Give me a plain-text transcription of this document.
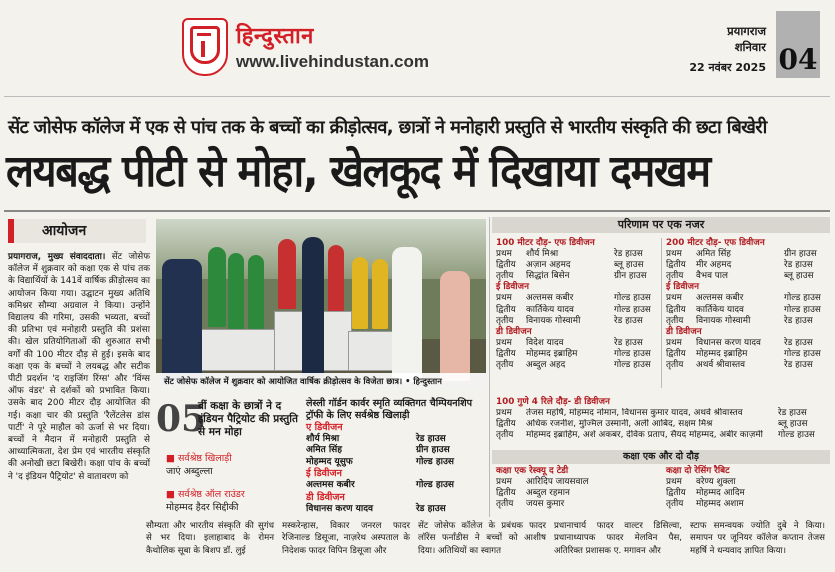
हिन्दुस्तान
www.livehindustan.com
प्रयागराज
शनिवार
22 नवंबर 2025 04
सेंट जोसेफ कॉलेज में एक से पांच तक के बच्चों का क्रीड़ोत्सव, छात्रों ने मनोहारी प्रस्तुति से भारतीय संस्कृति की छटा बिखेरी
लयबद्ध पीटी से मोहा, खेलकूद में दिखाया दमखम
आयोजन
प्रयागराज, मुख्य संवाददाता। सेंट जोसेफ कॉलेज में शुक्रवार को कक्षा एक से पांच तक के विद्यार्थियों के 141वें वार्षिक क्रीड़ोत्सव का आयोजन किया गया। उद्घाटन मुख्य अतिथि कमिश्नर सौम्या अग्रवाल ने किया। उन्होंने विद्यालय की गरिमा, उसकी भव्यता, बच्चों की प्रतिभा एवं मनोहारी प्रस्तुति की प्रशंसा की। खेल प्रतियोगिताओं की शुरुआत सभी वर्गों की 100 मीटर दौड़ से हुई। इसके बाद कक्षा एक के बच्चों ने लयबद्ध और सटीक पीटी प्रदर्शन 'द राइजिंग रिंग्स' और 'विंग्स ऑफ वंडर' से दर्शकों को प्रभावित किया। उसके बाद 200 मीटर दौड़ आयोजित की गई। कक्षा चार की प्रस्तुति 'रैलेंटलेस डांस पार्टी' ने पूरे माहौल को ऊर्जा से भर दिया। बच्चों ने मैदान में मनोहारी प्रस्तुति से आध्यात्मिकता, देश प्रेम एवं भारतीय संस्कृति की अनोखी छटा बिखेरी। कक्षा पांच के बच्चों ने 'द इंडियन पैट्रियोट' से वातावरण को
सेंट जोसेफ कॉलेज में शुक्रवार को आयोजित वार्षिक क्रीड़ोत्सव के विजेता छात्र। • हिन्दुस्तान
05
वीं कक्षा के छात्रों ने द इंडियन पैट्रियोट की प्रस्तुति से मन मोहा
■ सर्वश्रेष्ठ खिलाड़ी
जाएं अब्दुल्ला
■ सर्वश्रेष्ठ ऑल राउंडर
मोहम्मद हैदर सिद्दीकी
लेस्ली गॉर्डन कार्वर स्मृति व्यक्तिगत चैम्पियनशिप ट्रॉफी के लिए सर्वश्रेष्ठ खिलाड़ी
ए डिवीजन
शौर्य मिश्रा	रेड हाउस
अमित सिंह	ग्रीन हाउस
मोहम्मद यूसुफ	गोल्ड हाउस
ई डिवीजन
अल्तमस कबीर	गोल्ड हाउस
डी डिवीजन
विधानस करण यादव	रेड हाउस
परिणाम पर एक नजर
100 मीटर दौड़- एफ डिवीजन
प्रथम	शौर्य मिश्रा	रेड हाउस
द्वितीय	अज़ान अहमद	ब्लू हाउस
तृतीय	सिद्धांत बिसेन	ग्रीन हाउस
ई डिवीजन
प्रथम	अल्तमस कबीर	गोल्ड हाउस
द्वितीय	कार्तिकेय यादव	गोल्ड हाउस
तृतीय	विनायक गोस्वामी	रेड हाउस
डी डिवीजन
प्रथम	विदेश यादव	रेड हाउस
द्वितीय	मोहम्मद इब्राहिम	गोल्ड हाउस
तृतीय	अब्दुल अहद	गोल्ड हाउस
200 मीटर दौड़- एफ डिवीजन
प्रथम	अमित सिंह	ग्रीन हाउस
द्वितीय	मीर अहमद	रेड हाउस
तृतीय	वैभव पाल	ब्लू हाउस
ई डिवीजन
प्रथम	अल्तमस कबीर	गोल्ड हाउस
द्वितीय	कार्तिकेय यादव	गोल्ड हाउस
तृतीय	विनायक गोस्वामी	रेड हाउस
डी डिवीजन
प्रथम	विधानस करण यादव	रेड हाउस
द्वितीय	मोहम्मद इब्राहिम	गोल्ड हाउस
तृतीय	अथर्व श्रीवास्तव	रेड हाउस
100 गुणे 4 रिले दौड़- डी डिवीजन
प्रथम	तेजस महर्षि, मोहम्मद नोमान, विधानस कुमार यादव, अथर्व श्रीवास्तव	रेड हाउस
द्वितीय	अधिक रजनीश, मुज्मिल उस्मानी, अली आबिद, सक्षम मिश्र	ब्लू हाउस
तृतीय	मोहम्मद इब्राहिम, अर्श अकबर, देविक प्रताप, सैयद मोहम्मद, अबीर काज़मी	गोल्ड हाउस
कक्षा एक और दो दौड़
कक्षा एक रेस्क्यू द टेडी
प्रथम	आरिदिप जायसवाल
द्वितीय	अब्दुल रहमान
तृतीय	जयस कुमार
कक्षा दो रेसिंग रैबिट
प्रथम	वरेण्य शुक्ला
द्वितीय	मोहम्मद आदिम
तृतीय	मोहम्मद अशाम
सौम्यता और भारतीय संस्कृति की सुगंध से भर दिया। इलाहाबाद के रोमन कैथोलिक सूबा के बिशप डॉ. लुई
मस्करेन्हास, विकार जनरल फादर रेजिनाल्ड डिसूजा, नाज़रेथ अस्पताल के निदेशक फादर विपिन डिसूजा और
सेंट जोसेफ कॉलेज के प्रबंधक फादर लॉरेंस फर्नांडीस ने बच्चों को आशीष दिया। अतिथियों का स्वागत
प्रधानाचार्य फादर वाल्टर डिसिल्वा, प्रधानाध्यापक फादर मेलविन पैस, अतिरिक्त प्रशासक ए. मगावन और
स्टाफ समन्वयक ज्योति दुबे ने किया। समापन पर जूनियर कॉलेज कप्तान तेजस महर्षि ने धन्यवाद ज्ञापित किया।
